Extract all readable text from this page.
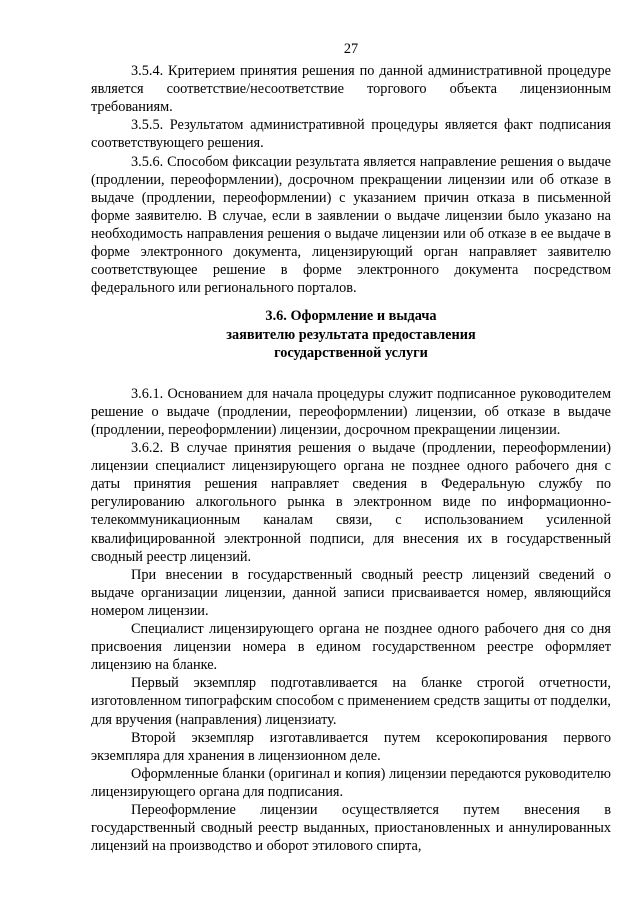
27

3.5.4. Критерием принятия решения по данной административной процедуре является соответствие/несоответствие торгового объекта лицензионным требованиям.

3.5.5. Результатом административной процедуры является факт подписания соответствующего решения.

3.5.6. Способом фиксации результата является направление решения о выдаче (продлении, переоформлении), досрочном прекращении лицензии или об отказе в выдаче (продлении, переоформлении) с указанием причин отказа в письменной форме заявителю. В случае, если в заявлении о выдаче лицензии было указано на необходимость направления решения о выдаче лицензии или об отказе в ее выдаче в форме электронного документа, лицензирующий орган направляет заявителю соответствующее решение в форме электронного документа посредством федерального или регионального порталов.

3.6. Оформление и выдача
заявителю результата предоставления
государственной услуги

3.6.1. Основанием для начала процедуры служит подписанное руководителем решение о выдаче (продлении, переоформлении) лицензии, об отказе в выдаче (продлении, переоформлении) лицензии, досрочном прекращении лицензии.

3.6.2. В случае принятия решения о выдаче (продлении, переоформлении) лицензии специалист лицензирующего органа не позднее одного рабочего дня с даты принятия решения направляет сведения в Федеральную службу по регулированию алкогольного рынка в электронном виде по информационно-телекоммуникационным каналам связи, с использованием усиленной квалифицированной электронной подписи, для внесения их в государственный сводный реестр лицензий.

При внесении в государственный сводный реестр лицензий сведений о выдаче организации лицензии, данной записи присваивается номер, являющийся номером лицензии.

Специалист лицензирующего органа не позднее одного рабочего дня со дня присвоения лицензии номера в едином государственном реестре оформляет лицензию на бланке.

Первый экземпляр подготавливается на бланке строгой отчетности, изготовленном типографским способом с применением средств защиты от подделки, для вручения (направления) лицензиату.

Второй экземпляр изготавливается путем ксерокопирования первого экземпляра для хранения в лицензионном деле.

Оформленные бланки (оригинал и копия) лицензии передаются руководителю лицензирующего органа для подписания.

Переоформление лицензии осуществляется путем внесения в государственный сводный реестр выданных, приостановленных и аннулированных лицензий на производство и оборот этилового спирта,
